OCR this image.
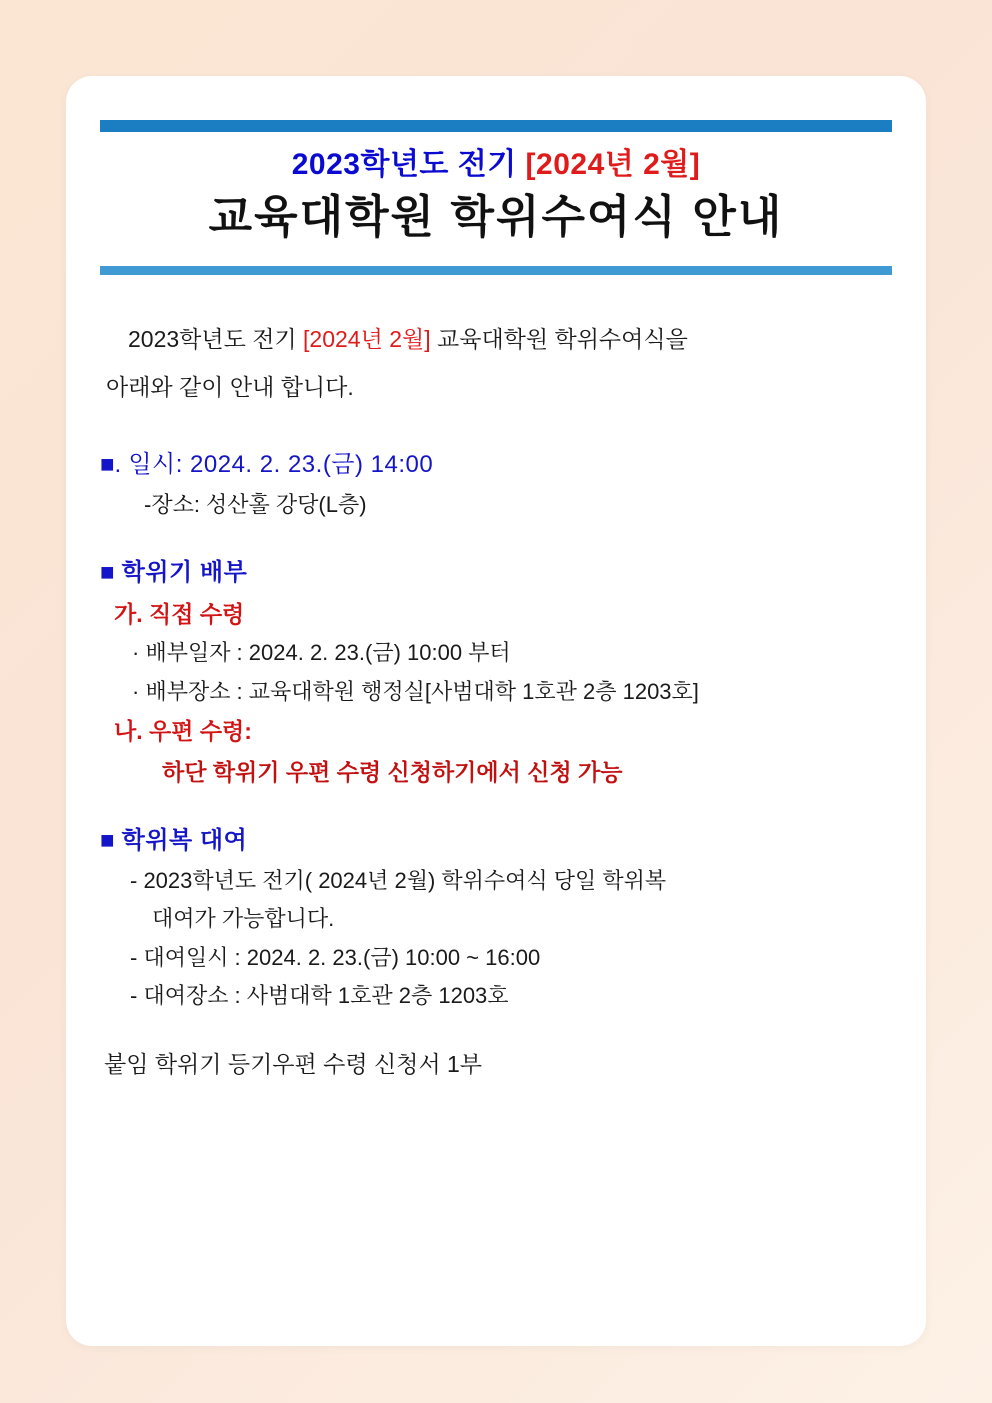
2023학년도 전기 [2024년 2월]
교육대학원 학위수여식 안내
2023학년도 전기 [2024년 2월] 교육대학원 학위수여식을
아래와 같이 안내 합니다.
■. 일시: 2024. 2. 23.(금) 14:00
-장소: 성산홀 강당(L층)
■ 학위기 배부
가. 직접 수령
· 배부일자 : 2024. 2. 23.(금) 10:00 부터
· 배부장소 : 교육대학원 행정실[사범대학 1호관 2층 1203호]
나. 우편 수령:
하단 학위기 우편 수령 신청하기에서 신청 가능
■ 학위복 대여
- 2023학년도 전기( 2024년 2월) 학위수여식 당일 학위복
대여가 가능합니다.
- 대여일시 : 2024. 2. 23.(금) 10:00 ~ 16:00
- 대여장소 : 사범대학 1호관 2층 1203호
붙임 학위기 등기우편 수령 신청서 1부
